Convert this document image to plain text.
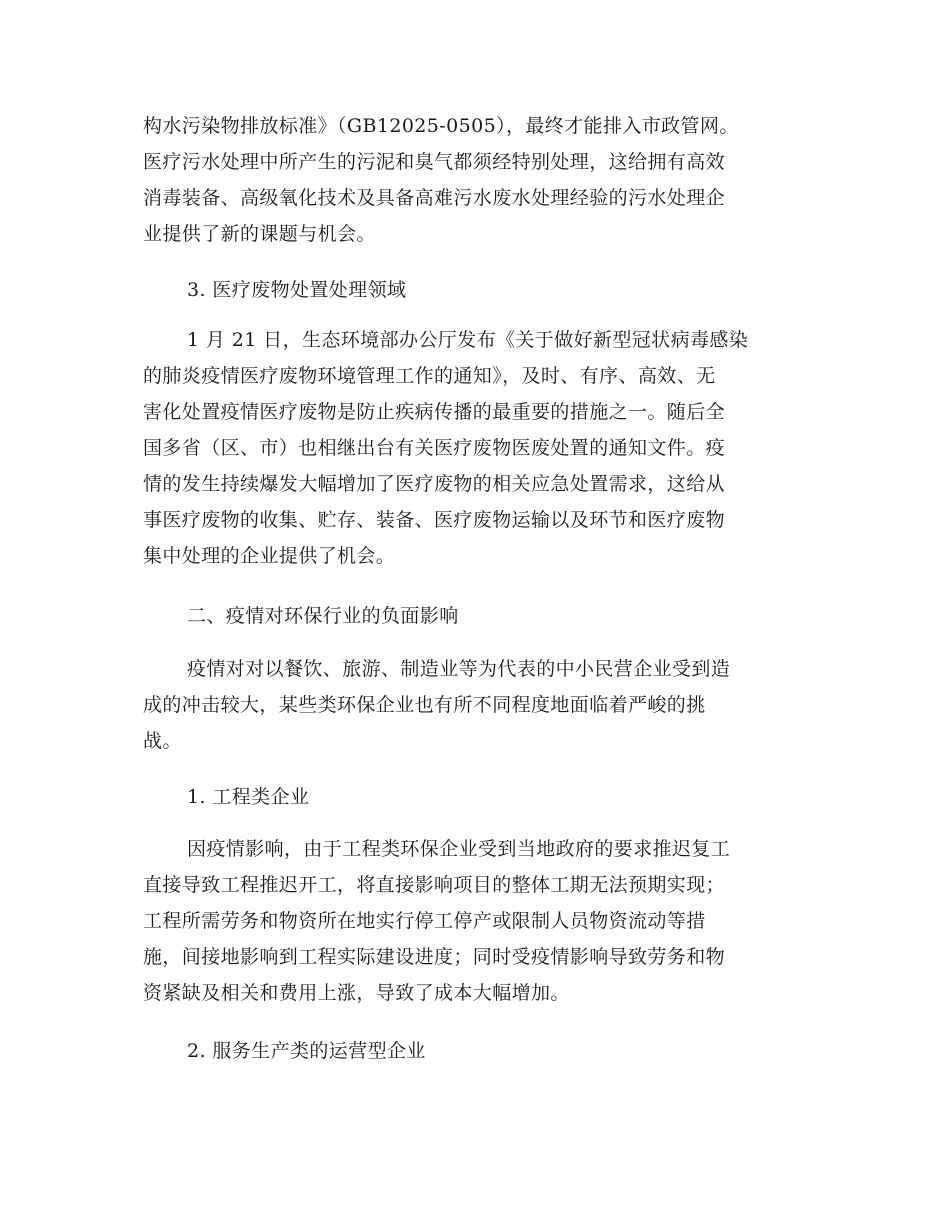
构水污染物排放标准》（GB12025-0505），最终才能排入市政管网。
医疗污水处理中所产生的污泥和臭气都须经特别处理，这给拥有高效
消毒装备、高级氧化技术及具备高难污水废水处理经验的污水处理企
业提供了新的课题与机会。
3. 医疗废物处置处理领域
1 月 21 日，生态环境部办公厅发布《关于做好新型冠状病毒感染
的肺炎疫情医疗废物环境管理工作的通知》，及时、有序、高效、无
害化处置疫情医疗废物是防止疾病传播的最重要的措施之一。随后全
国多省（区、市）也相继出台有关医疗废物医废处置的通知文件。疫
情的发生持续爆发大幅增加了医疗废物的相关应急处置需求，这给从
事医疗废物的收集、贮存、装备、医疗废物运输以及环节和医疗废物
集中处理的企业提供了机会。
二、疫情对环保行业的负面影响
疫情对对以餐饮、旅游、制造业等为代表的中小民营企业受到造
成的冲击较大，某些类环保企业也有所不同程度地面临着严峻的挑
战。
1. 工程类企业
因疫情影响，由于工程类环保企业受到当地政府的要求推迟复工
直接导致工程推迟开工，将直接影响项目的整体工期无法预期实现；
工程所需劳务和物资所在地实行停工停产或限制人员物资流动等措
施，间接地影响到工程实际建设进度；同时受疫情影响导致劳务和物
资紧缺及相关和费用上涨，导致了成本大幅增加。
2. 服务生产类的运营型企业
